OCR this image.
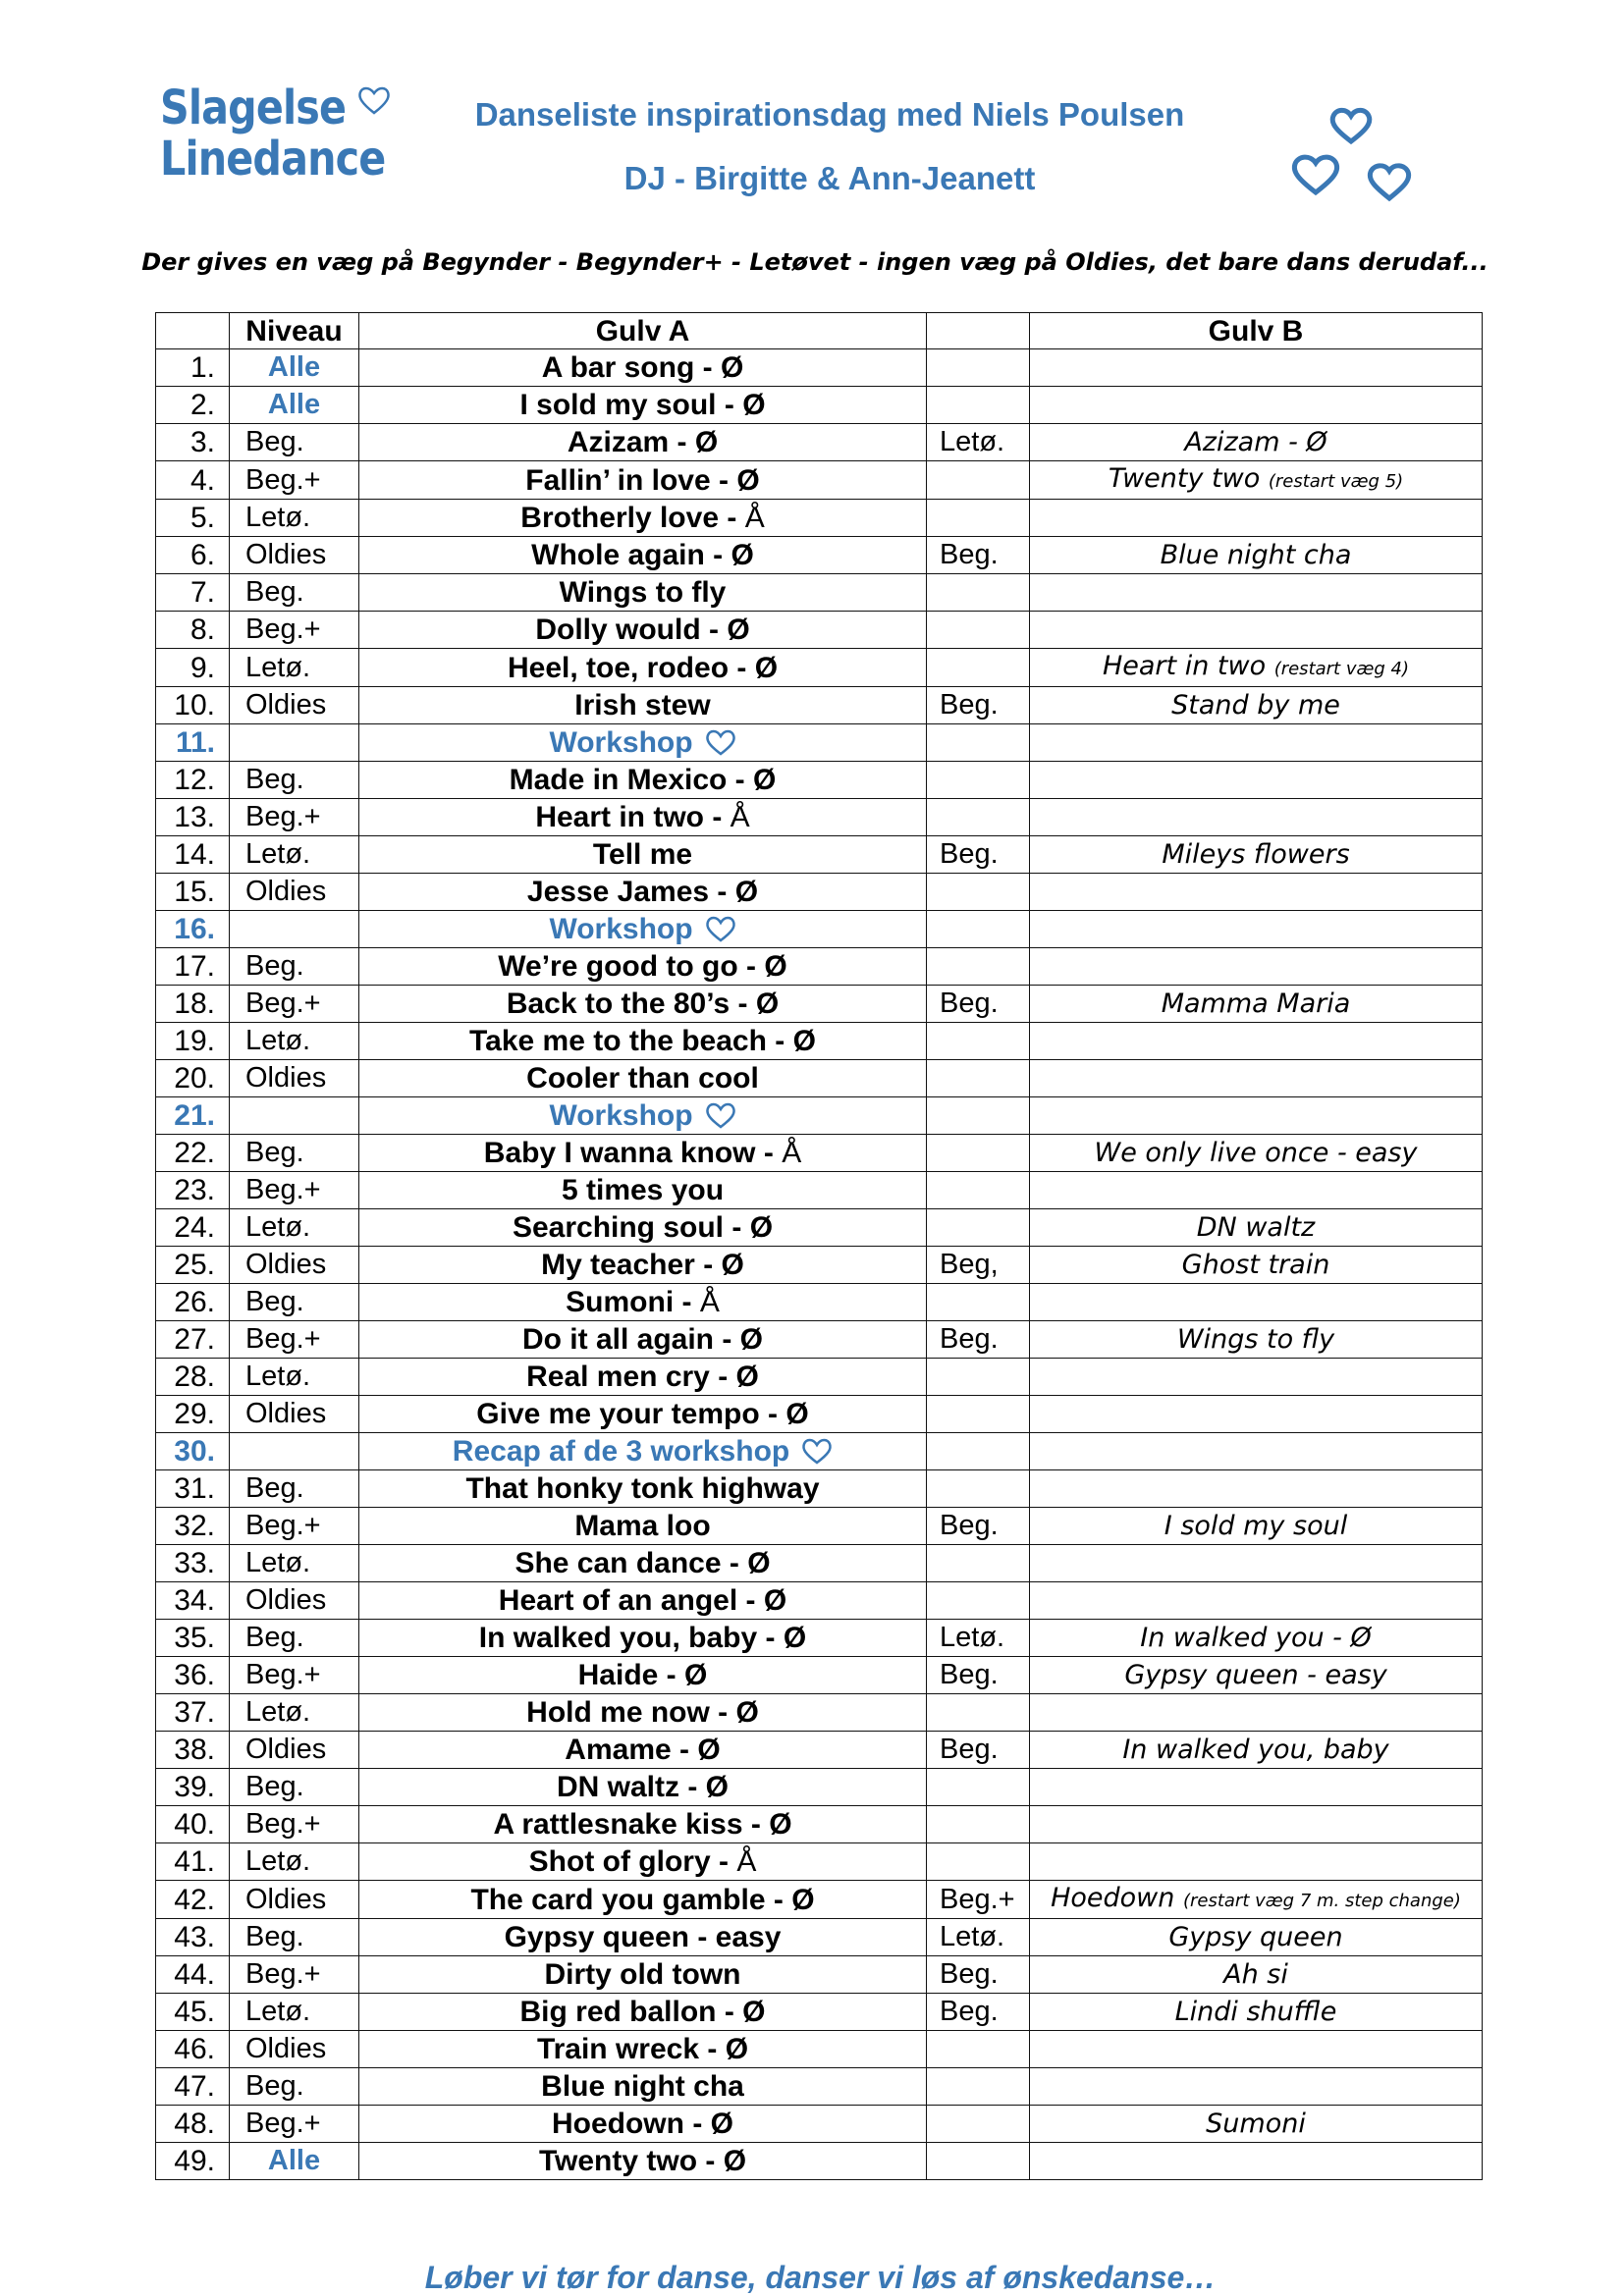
Slagelse
Linedance
Danseliste inspirationsdag med Niels Poulsen
DJ - Birgitte & Ann-Jeanett
Der gives en væg på Begynder - Begynder+ - Letøvet - ingen væg på Oldies, det bare dans derudaf...
	Niveau	Gulv A		Gulv B
1.	Alle	A bar song - Ø		
2.	Alle	I sold my soul - Ø		
3.	Beg.	Azizam - Ø	Letø.	Azizam - Ø
4.	Beg.+	Fallin’ in love - Ø		Twenty two (restart væg 5)
5.	Letø.	Brotherly love - Å		
6.	Oldies	Whole again - Ø	Beg.	Blue night cha
7.	Beg.	Wings to fly		
8.	Beg.+	Dolly would - Ø		
9.	Letø.	Heel, toe, rodeo - Ø		Heart in two (restart væg 4)
10.	Oldies	Irish stew	Beg.	Stand by me
11.		Workshop		
12.	Beg.	Made in Mexico - Ø		
13.	Beg.+	Heart in two - Å		
14.	Letø.	Tell me	Beg.	Mileys flowers
15.	Oldies	Jesse James - Ø		
16.		Workshop		
17.	Beg.	We’re good to go - Ø		
18.	Beg.+	Back to the 80’s - Ø	Beg.	Mamma Maria
19.	Letø.	Take me to the beach - Ø		
20.	Oldies	Cooler than cool		
21.		Workshop		
22.	Beg.	Baby I wanna know - Å		We only live once - easy
23.	Beg.+	5 times you		
24.	Letø.	Searching soul - Ø		DN waltz
25.	Oldies	My teacher - Ø	Beg,	Ghost train
26.	Beg.	Sumoni - Å		
27.	Beg.+	Do it all again - Ø	Beg.	Wings to fly
28.	Letø.	Real men cry - Ø		
29.	Oldies	Give me your tempo - Ø		
30.		Recap af de 3 workshop		
31.	Beg.	That honky tonk highway		
32.	Beg.+	Mama loo	Beg.	I sold my soul
33.	Letø.	She can dance - Ø		
34.	Oldies	Heart of an angel - Ø		
35.	Beg.	In walked you, baby - Ø	Letø.	In walked you - Ø
36.	Beg.+	Haide - Ø	Beg.	Gypsy queen - easy
37.	Letø.	Hold me now - Ø		
38.	Oldies	Amame - Ø	Beg.	In walked you, baby
39.	Beg.	DN waltz - Ø		
40.	Beg.+	A rattlesnake kiss - Ø		
41.	Letø.	Shot of glory - Å		
42.	Oldies	The card you gamble - Ø	Beg.+	Hoedown (restart væg 7 m. step change)
43.	Beg.	Gypsy queen - easy	Letø.	Gypsy queen
44.	Beg.+	Dirty old town	Beg.	Ah si
45.	Letø.	Big red ballon - Ø	Beg.	Lindi shuffle
46.	Oldies	Train wreck - Ø		
47.	Beg.	Blue night cha		
48.	Beg.+	Hoedown - Ø		Sumoni
49.	Alle	Twenty two - Ø		
Løber vi tør for danse, danser vi løs af ønskedanse…
